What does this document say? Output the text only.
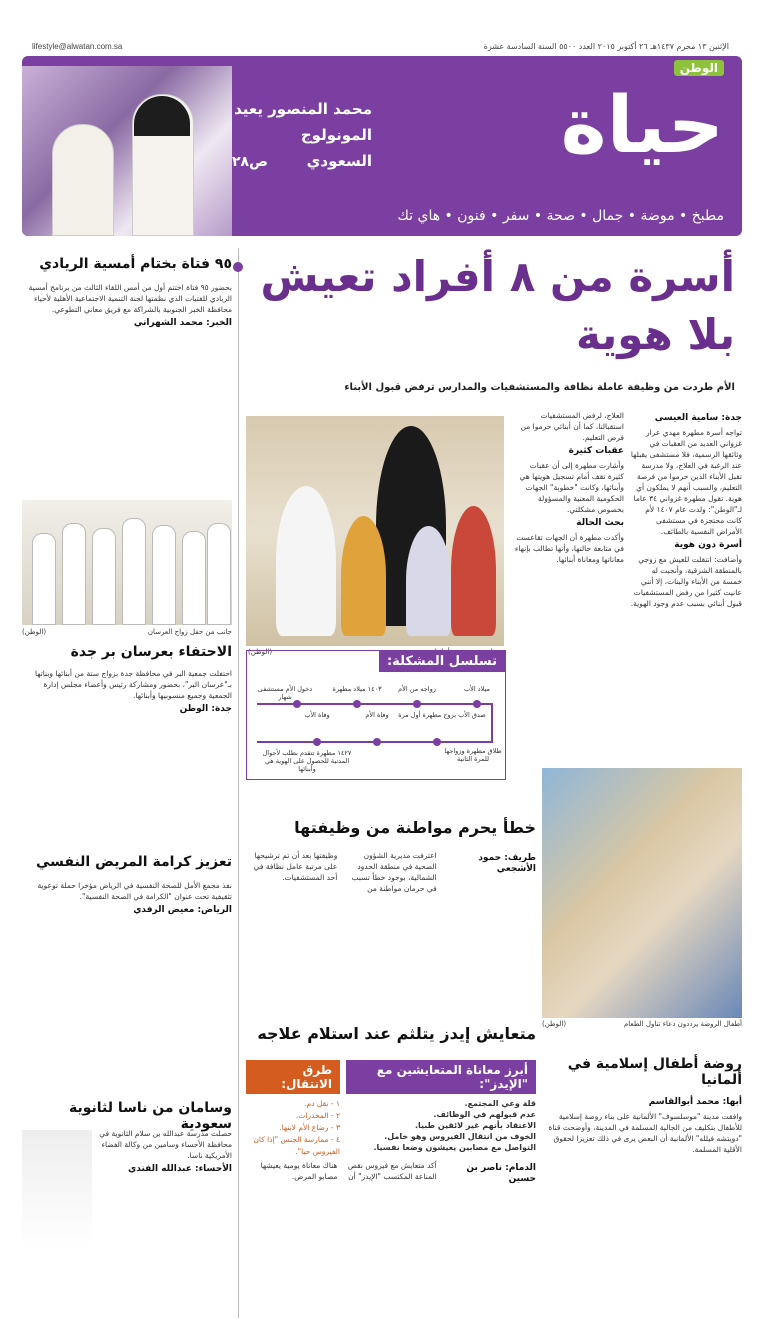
lifestyle@alwatan.com.sa	الإثنين ١٣ محرم ١٤٣٧هـ ٢٦ أكتوبر ٢٠١٥ العدد ٥٥٠٠ السنة السادسة عشرة
محمد المنصور يعيد المونولوج السعودي
ص٢٨
الوطن
حياة
مطبخ • موضة • جمال • صحة • سفر • فنون • هاي تك
أسرة من ٨ أفراد تعيش
بلا هوية
الأم طردت من وظيفة عاملة نظافة والمستشفيات والمدارس ترفض قبول الأبناء
جدة: سامية العيسى

تواجه أسرة مطهرة مهدي عرار غزواني العديد من العقبات في وثائقها الرسمية، فلا مستشفى يقبلها عند الرغبة في العلاج، ولا مدرسة تقبل الأبناء الذين حرموا من فرصة التعليم، والسبب أنهم لا يملكون أي هوية. تقول مطهرة غزواني ٣٤ عاما لـ"الوطن": ولدت عام ١٤٠٧ لأم كانت محتجزة في مستشفى الأمراض النفسية بالطائف.

أسرة دون هوية

وأضافت: انتقلت للعيش مع زوجي بالمنطقة الشرقية، وأنجبت له خمسة من الأبناء والبنات، إلا أنني عانيت كثيرا من رفض المستشفيات قبول أبنائي بسبب عدم وجود الهوية.

العلاج، لرفض المستشفيات استقبالنا، كما أن أبنائي حرموا من فرص التعليم.

عقبات كثيرة

وأشارت مطهرة إلى أن عقبات كثيرة تقف أمام تسجيل هويتها هي وأبنائها، وكانت "خطوبة" الجهات الحكومية المعنية والمسؤولة بخصوص مشكلتي.

بحث الحالة

وأكدت مطهرة أن الجهات تقاعست في متابعة حالتها، وأنها تطالب بإنهاء معاناتها ومعاناة أبنائها.

(الوطن)
تسلسل المشكلة:
ميلاد الأب
زواجه من الأم
١٤٠٣ ميلاد مطهرة
دخول الأم مستشفى شهار
صدق الأب بزوج مطهرة أول مرة
وفاة الأم
وفاة الأب
طلاق مطهرة وزواجها للمرة الثانية
١٤٢٧ مطهرة تتقدم بطلب لأحوال المدنية للحصول على الهوية هي وأبنائها
خطأ يحرم مواطنة من وظيفتها
طريف: حمود الأشجعي

اعترفت مديرية الشؤون الصحية في منطقة الحدود الشمالية، بوجود خطأ تسبب في حرمان مواطنة من وظيفتها بعد أن تم ترشيحها على مرتبة عامل نظافة في أحد المستشفيات.

أطفال الروضة يرددون دعاء تناول الطعام
(الوطن)
متعايش إيدز يتلثم عند استلام علاجه
أبرز معاناة المتعايشين مع "الإيدز":
قلة وعي المجتمع.
عدم قبولهم في الوظائف.
الاعتقاد بأنهم غير لائقين طبيا.
الخوف من انتقال الفيروس وهو خامل.
التواصل مع مصابين يعيشون وضعا نفسيا.
طرق الانتقال:
١ - نقل دم.
٢ - المخدرات.
٣ - رضاع الأم لابنها.
٤ - ممارسة الجنس "إذا كان الفيروس حيا".
الدمام: ناصر بن حسين

أكد متعايش مع فيروس نقص المناعة المكتسب "الإيدز" أن هناك معاناة يومية يعيشها مصابو المرض.

روضة أطفال إسلامية في ألمانيا
أبها: محمد أبوالقاسم

وافقت مدينة "موسلسوف" الألمانية على بناء روضة إسلامية للأطفال بتكليف من الجالية المسلمة في المدينة، وأوضحت قناة "دويتشه فيلله" الألمانية أن البعض يرى في ذلك تعزيزا لحقوق الأقلية المسلمة.

٩٥ فتاة بختام أمسية الريادي

بحضور ٩٥ فتاة اختتم أول من أمس اللقاء الثالث من برنامج أمسية الريادي للفتيات الذي نظمتها لجنة التنمية الاجتماعية الأهلية لأحياء محافظة الخبر الجنوبية بالشراكة مع فريق معاني التطوعي.

الخبر: محمد الشهراني
جانب من حفل زواج العرسان
(الوطن)
الاحتفاء بعرسان بر جدة

احتفلت جمعية البر في محافظة جدة بزواج ستة من أبنائها وبناتها بـ"عرسان البر"، بحضور ومشاركة رئيس وأعضاء مجلس إدارة الجمعية وجميع منسوبيها وأبنائها.

جدة: الوطن
تعزيز كرامة المريض النفسي

نفذ مجمع الأمل للصحة النفسية في الرياض مؤخرا حملة توعوية تثقيفية تحت عنوان "الكرامة في الصحة النفسية".

الرياض: معيض الرفدي
وسامان من ناسا لثانوية سعودية

حصلت مدرسة عبدالله بن سلام الثانوية في محافظة الأحساء وسامين من وكالة الفضاء الأمريكية ناسا.

الأحساء: عبدالله الفندي
